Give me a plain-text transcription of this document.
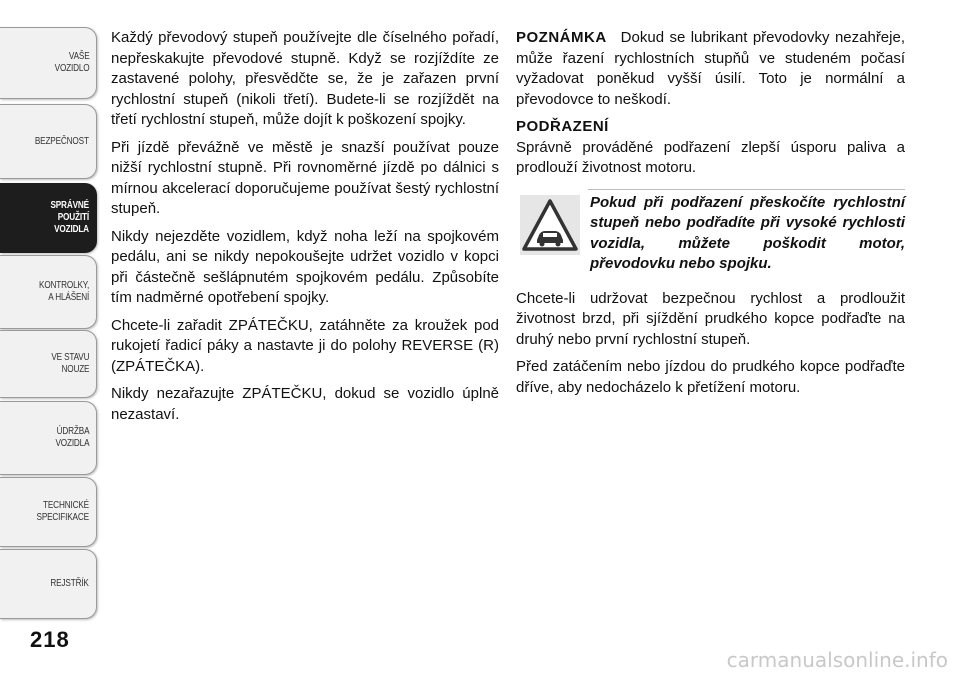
VAŠE
VOZIDLO
BEZPEČNOST
SPRÁVNÉ
POUŽITÍ
VOZIDLA
KONTROLKY,
A HLÁŠENÍ
VE STAVU
NOUZE
ÚDRŽBA
VOZIDLA
TECHNICKÉ
SPECIFIKACE
REJSTŘÍK
218

Každý převodový stupeň používejte dle číselného pořadí, nepřeskakujte převodové stupně. Když se rozjíždíte ze zastavené polohy, přesvědčte se, že je zařazen první rychlostní stupeň (nikoli třetí). Budete-li se rozjíždět na třetí rychlostní stupeň, může dojít k poškození spojky.

Při jízdě převážně ve městě je snazší používat pouze nižší rychlostní stupně. Při rovnoměrné jízdě po dálnici s mírnou akcelerací doporučujeme používat šestý rychlostní stupeň.

Nikdy nejezděte vozidlem, když noha leží na spojkovém pedálu, ani se nikdy nepokoušejte udržet vozidlo v kopci při částečně sešlápnutém spojkovém pedálu. Způsobíte tím nadměrné opotřebení spojky.

Chcete-li zařadit ZPÁTEČKU, zatáhněte za kroužek pod rukojetí řadicí páky a nastavte ji do polohy REVERSE (R) (ZPÁTEČKA).

Nikdy nezařazujte ZPÁTEČKU, dokud se vozidlo úplně nezastaví.

POZNÁMKA Dokud se lubrikant převodovky nezahřeje, může řazení rychlostních stupňů ve studeném počasí vyžadovat poněkud vyšší úsilí. Toto je normální a převodovce to neškodí.

PODŘAZENÍ

Správně prováděné podřazení zlepší úsporu paliva a prodlouží životnost motoru.

Pokud při podřazení přeskočíte rychlostní stupeň nebo podřadíte při vysoké rychlosti vozidla, můžete poškodit motor, převodovku nebo spojku.

Chcete-li udržovat bezpečnou rychlost a prodloužit životnost brzd, při sjíždění prudkého kopce podřaďte na druhý nebo první rychlostní stupeň.

Před zatáčením nebo jízdou do prudkého kopce podřaďte dříve, aby nedocházelo k přetížení motoru.

carmanualsonline.info
